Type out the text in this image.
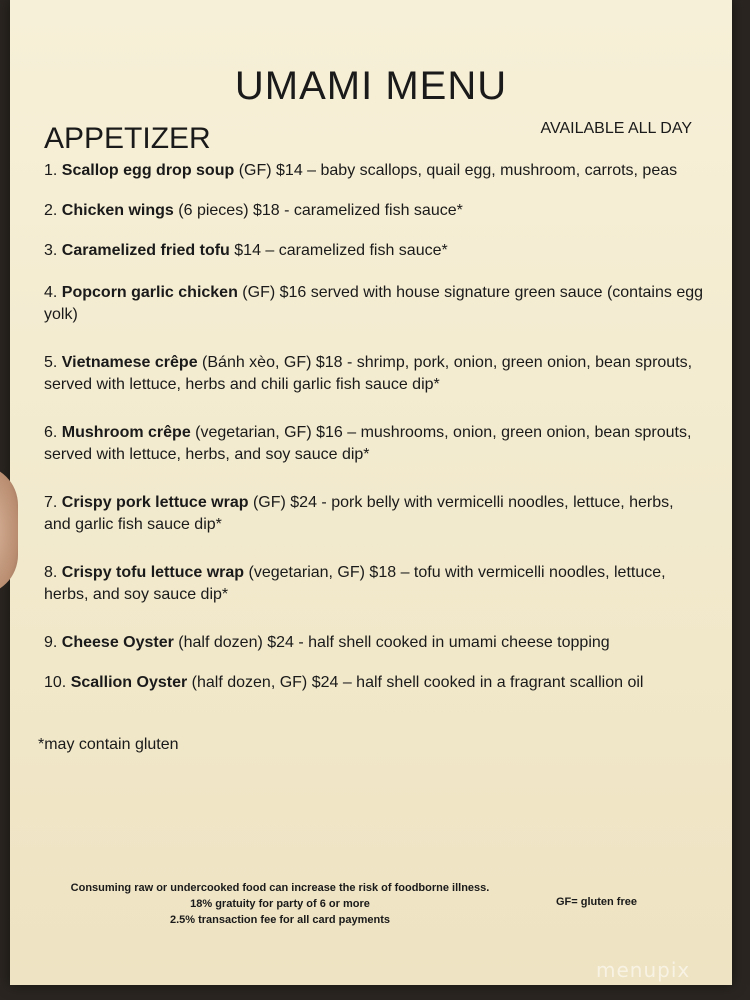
UMAMI MENU
APPETIZER	AVAILABLE ALL DAY

1. Scallop egg drop soup (GF) $14 – baby scallops, quail egg, mushroom, carrots, peas

2. Chicken wings (6 pieces) $18 - caramelized fish sauce*

3. Caramelized fried tofu $14 – caramelized fish sauce*

4. Popcorn garlic chicken (GF) $16 served with house signature green sauce (contains egg yolk)

5. Vietnamese crêpe (Bánh xèo, GF) $18 - shrimp, pork, onion, green onion, bean sprouts, served with lettuce, herbs and chili garlic fish sauce dip*

6. Mushroom crêpe (vegetarian, GF) $16 – mushrooms, onion, green onion, bean sprouts, served with lettuce, herbs, and soy sauce dip*

7. Crispy pork lettuce wrap (GF) $24 - pork belly with vermicelli noodles, lettuce, herbs, and garlic fish sauce dip*

8. Crispy tofu lettuce wrap (vegetarian, GF) $18 – tofu with vermicelli noodles, lettuce, herbs, and soy sauce dip*

9. Cheese Oyster (half dozen) $24 - half shell cooked in umami cheese topping

10. Scallion Oyster (half dozen, GF) $24 – half shell cooked in a fragrant scallion oil

*may contain gluten
Consuming raw or undercooked food can increase the risk of foodborne illness.
18% gratuity for party of 6 or more
2.5% transaction fee for all card payments
GF= gluten free
menupix
